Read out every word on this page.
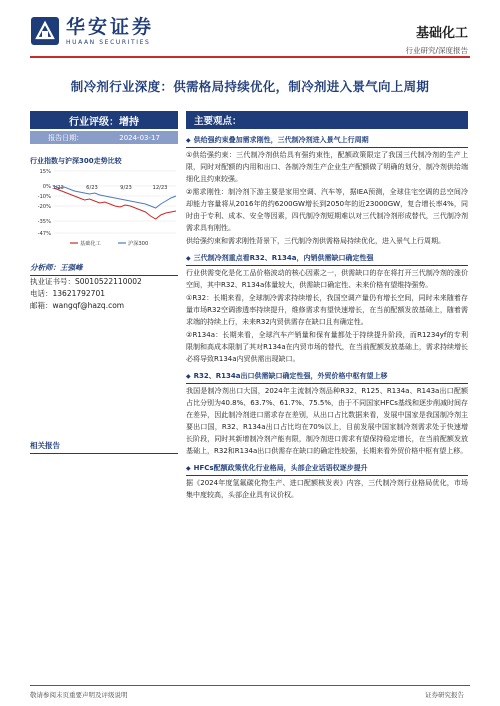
华安证券
HUAAN SECURITIES
基础化工
行业研究/深度报告
制冷剂行业深度：供需格局持续优化，制冷剂进入景气向上周期
行业评级：增持
报告日期：	2024-03-17
行业指数与沪深300走势比较
15%
0%
-10%
-20%
-35%
-47%
3/23	6/23	9/23	12/23
基础化工	沪深300
分析师：王强峰
执业证书号：S0010522110002
电话：13621792701
邮箱：wangqf@hazq.com
相关报告
主要观点：
◆ 供给强约束叠加需求刚性，三代制冷剂进入景气上行周期

①供给强约束：三代制冷剂供给具有强约束性，配额政策限定了我国三代制冷剂的生产上限，同时对配额的内用和出口、各制冷剂生产企业生产配额做了明确的划分，制冷剂供给端细化且约束较强。

②需求刚性：制冷剂下游主要是家用空调、汽车等，据IEA预测，全球住宅空调的总空间冷却能力容量将从2016年的约6200GW增长到2050年的近23000GW，复合增长率4%，同时由于专利、成本、安全等因素，四代制冷剂短期难以对三代制冷剂形成替代，三代制冷剂需求具有刚性。

供给强约束和需求刚性背景下，三代制冷剂供需格局持续优化，进入景气上行周期。

◆ 三代制冷剂重点看R32、R134a，内销供需缺口确定性强

行业供需变化是化工品价格波动的核心因素之一，供需缺口的存在将打开三代制冷剂的涨价空间，其中R32、R134a体量较大，供需缺口确定性、未来价格有望维持强势。

①R32：长期来看，全球制冷需求持续增长，我国空调产量仍有增长空间，同时未来随着存量市场R32空调渗透率持续提升，维修需求有望快速增长，在当前配额发放基础上，随着需求端的持续上行，未来R32内贸供需存在缺口且有确定性。

②R134a：长期来看，全球汽车产销量和保有量都处于持续提升阶段，而R1234yf的专利限制和高成本限制了其对R134a在内贸市场的替代，在当前配额发放基础上，需求持续增长必将导致R134a内贸供需出现缺口。

◆ R32、R134a出口供需缺口确定性强，外贸价格中枢有望上移

我国是制冷剂出口大国，2024年主流制冷剂品种R32、R125、R134a、R143a出口配额占比分别为40.8%、63.7%、61.7%、75.5%，由于不同国家HFCs基线和逐步削减时间存在差异，因此制冷剂进口需求存在差别，从出口占比数据来看，发展中国家是我国制冷剂主要出口国，R32、R134a出口占比均在70%以上，目前发展中国家制冷剂需求处于快速增长阶段，同时其新增制冷剂产能有限，制冷剂进口需求有望保持稳定增长，在当前配额发放基础上，R32和R134a出口供需存在缺口的确定性较强，长期来看外贸价格中枢有望上移。

◆ HFCs配额政策优化行业格局，头部企业话语权逐步提升

据《2024年度氢氟碳化物生产、进口配额核发表》内容，三代制冷剂行业格局优化，市场集中度较高，头部企业具有议价权。

敬请参阅末页重要声明及评级说明	证券研究报告
